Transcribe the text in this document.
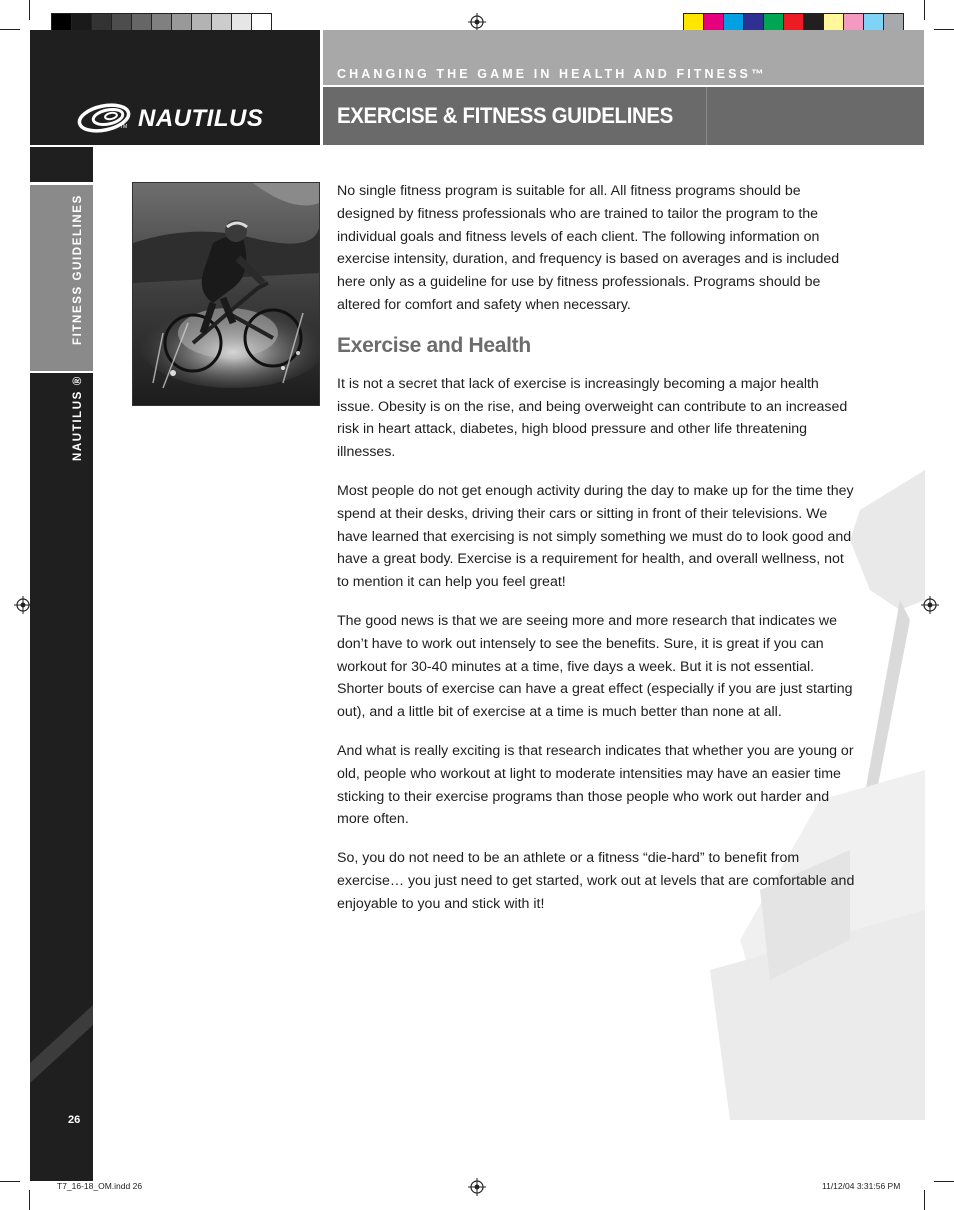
NAUTILUS
TM
CHANGING THE GAME IN HEALTH AND FITNESS™
EXERCISE & FITNESS GUIDELINES
FITNESS GUIDELINES
NAUTILUS ®
26

No single fitness program is suitable for all. All fitness programs should be designed by fitness professionals who are trained to tailor the program to the individual goals and fitness levels of each client. The following information on exercise intensity, duration, and frequency is based on averages and is included here only as a guideline for use by fitness professionals. Programs should be altered for comfort and safety when necessary.

Exercise and Health

It is not a secret that lack of exercise is increasingly becoming a major health issue. Obesity is on the rise, and being overweight can contribute to an increased risk in heart attack, diabetes, high blood pressure and other life threatening illnesses.

Most people do not get enough activity during the day to make up for the time they spend at their desks, driving their cars or sitting in front of their televisions. We have learned that exercising is not simply something we must do to look good and have a great body. Exercise is a requirement for health, and overall wellness, not to mention it can help you feel great!

The good news is that we are seeing more and more research that indicates we don’t have to work out intensely to see the benefits. Sure, it is great if you can workout for 30-40 minutes at a time, five days a week. But it is not essential. Shorter bouts of exercise can have a great effect (especially if you are just starting out), and a little bit of exercise at a time is much better than none at all.

And what is really exciting is that research indicates that whether you are young or old, people who workout at light to moderate intensities may have an easier time sticking to their exercise programs than those people who work out harder and more often.

So, you do not need to be an athlete or a fitness “die-hard” to benefit from exercise… you just need to get started, work out at levels that are comfortable and enjoyable to you and stick with it!

T7_16-18_OM.indd 26	11/12/04 3:31:56 PM
